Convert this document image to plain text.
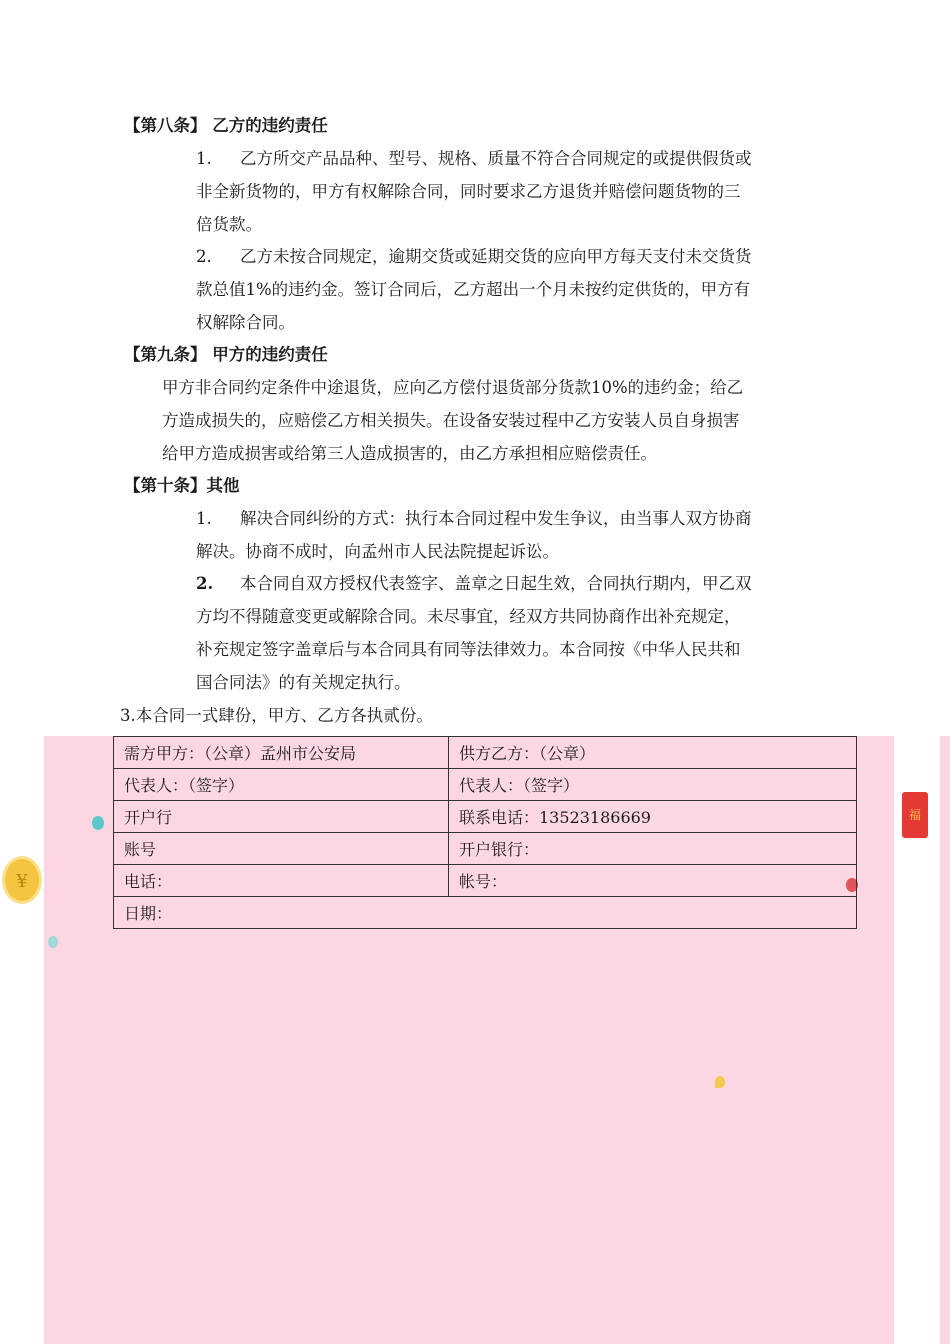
¥
福
【第八条】 乙方的违约责任
1. 乙方所交产品品种、型号、规格、质量不符合合同规定的或提供假货或
非全新货物的，甲方有权解除合同，同时要求乙方退货并赔偿问题货物的三
倍货款。
2. 乙方未按合同规定，逾期交货或延期交货的应向甲方每天支付未交货货
款总值1%的违约金。签订合同后，乙方超出一个月未按约定供货的，甲方有
权解除合同。
【第九条】 甲方的违约责任
甲方非合同约定条件中途退货，应向乙方偿付退货部分货款10%的违约金；给乙
方造成损失的，应赔偿乙方相关损失。在设备安装过程中乙方安装人员自身损害
给甲方造成损害或给第三人造成损害的，由乙方承担相应赔偿责任。
【第十条】其他
1. 解决合同纠纷的方式：执行本合同过程中发生争议，由当事人双方协商
解决。协商不成时，向孟州市人民法院提起诉讼。
2. 本合同自双方授权代表签字、盖章之日起生效，合同执行期内，甲乙双
方均不得随意变更或解除合同。未尽事宜，经双方共同协商作出补充规定，
补充规定签字盖章后与本合同具有同等法律效力。本合同按《中华人民共和
国合同法》的有关规定执行。
3.本合同一式肆份，甲方、乙方各执贰份。
需方甲方：（公章）孟州市公安局	供方乙方：（公章）
代表人：（签字）	代表人：（签字）
开户行	联系电话：13523186669
账号	开户银行：
电话：	帐号：
日期：	
